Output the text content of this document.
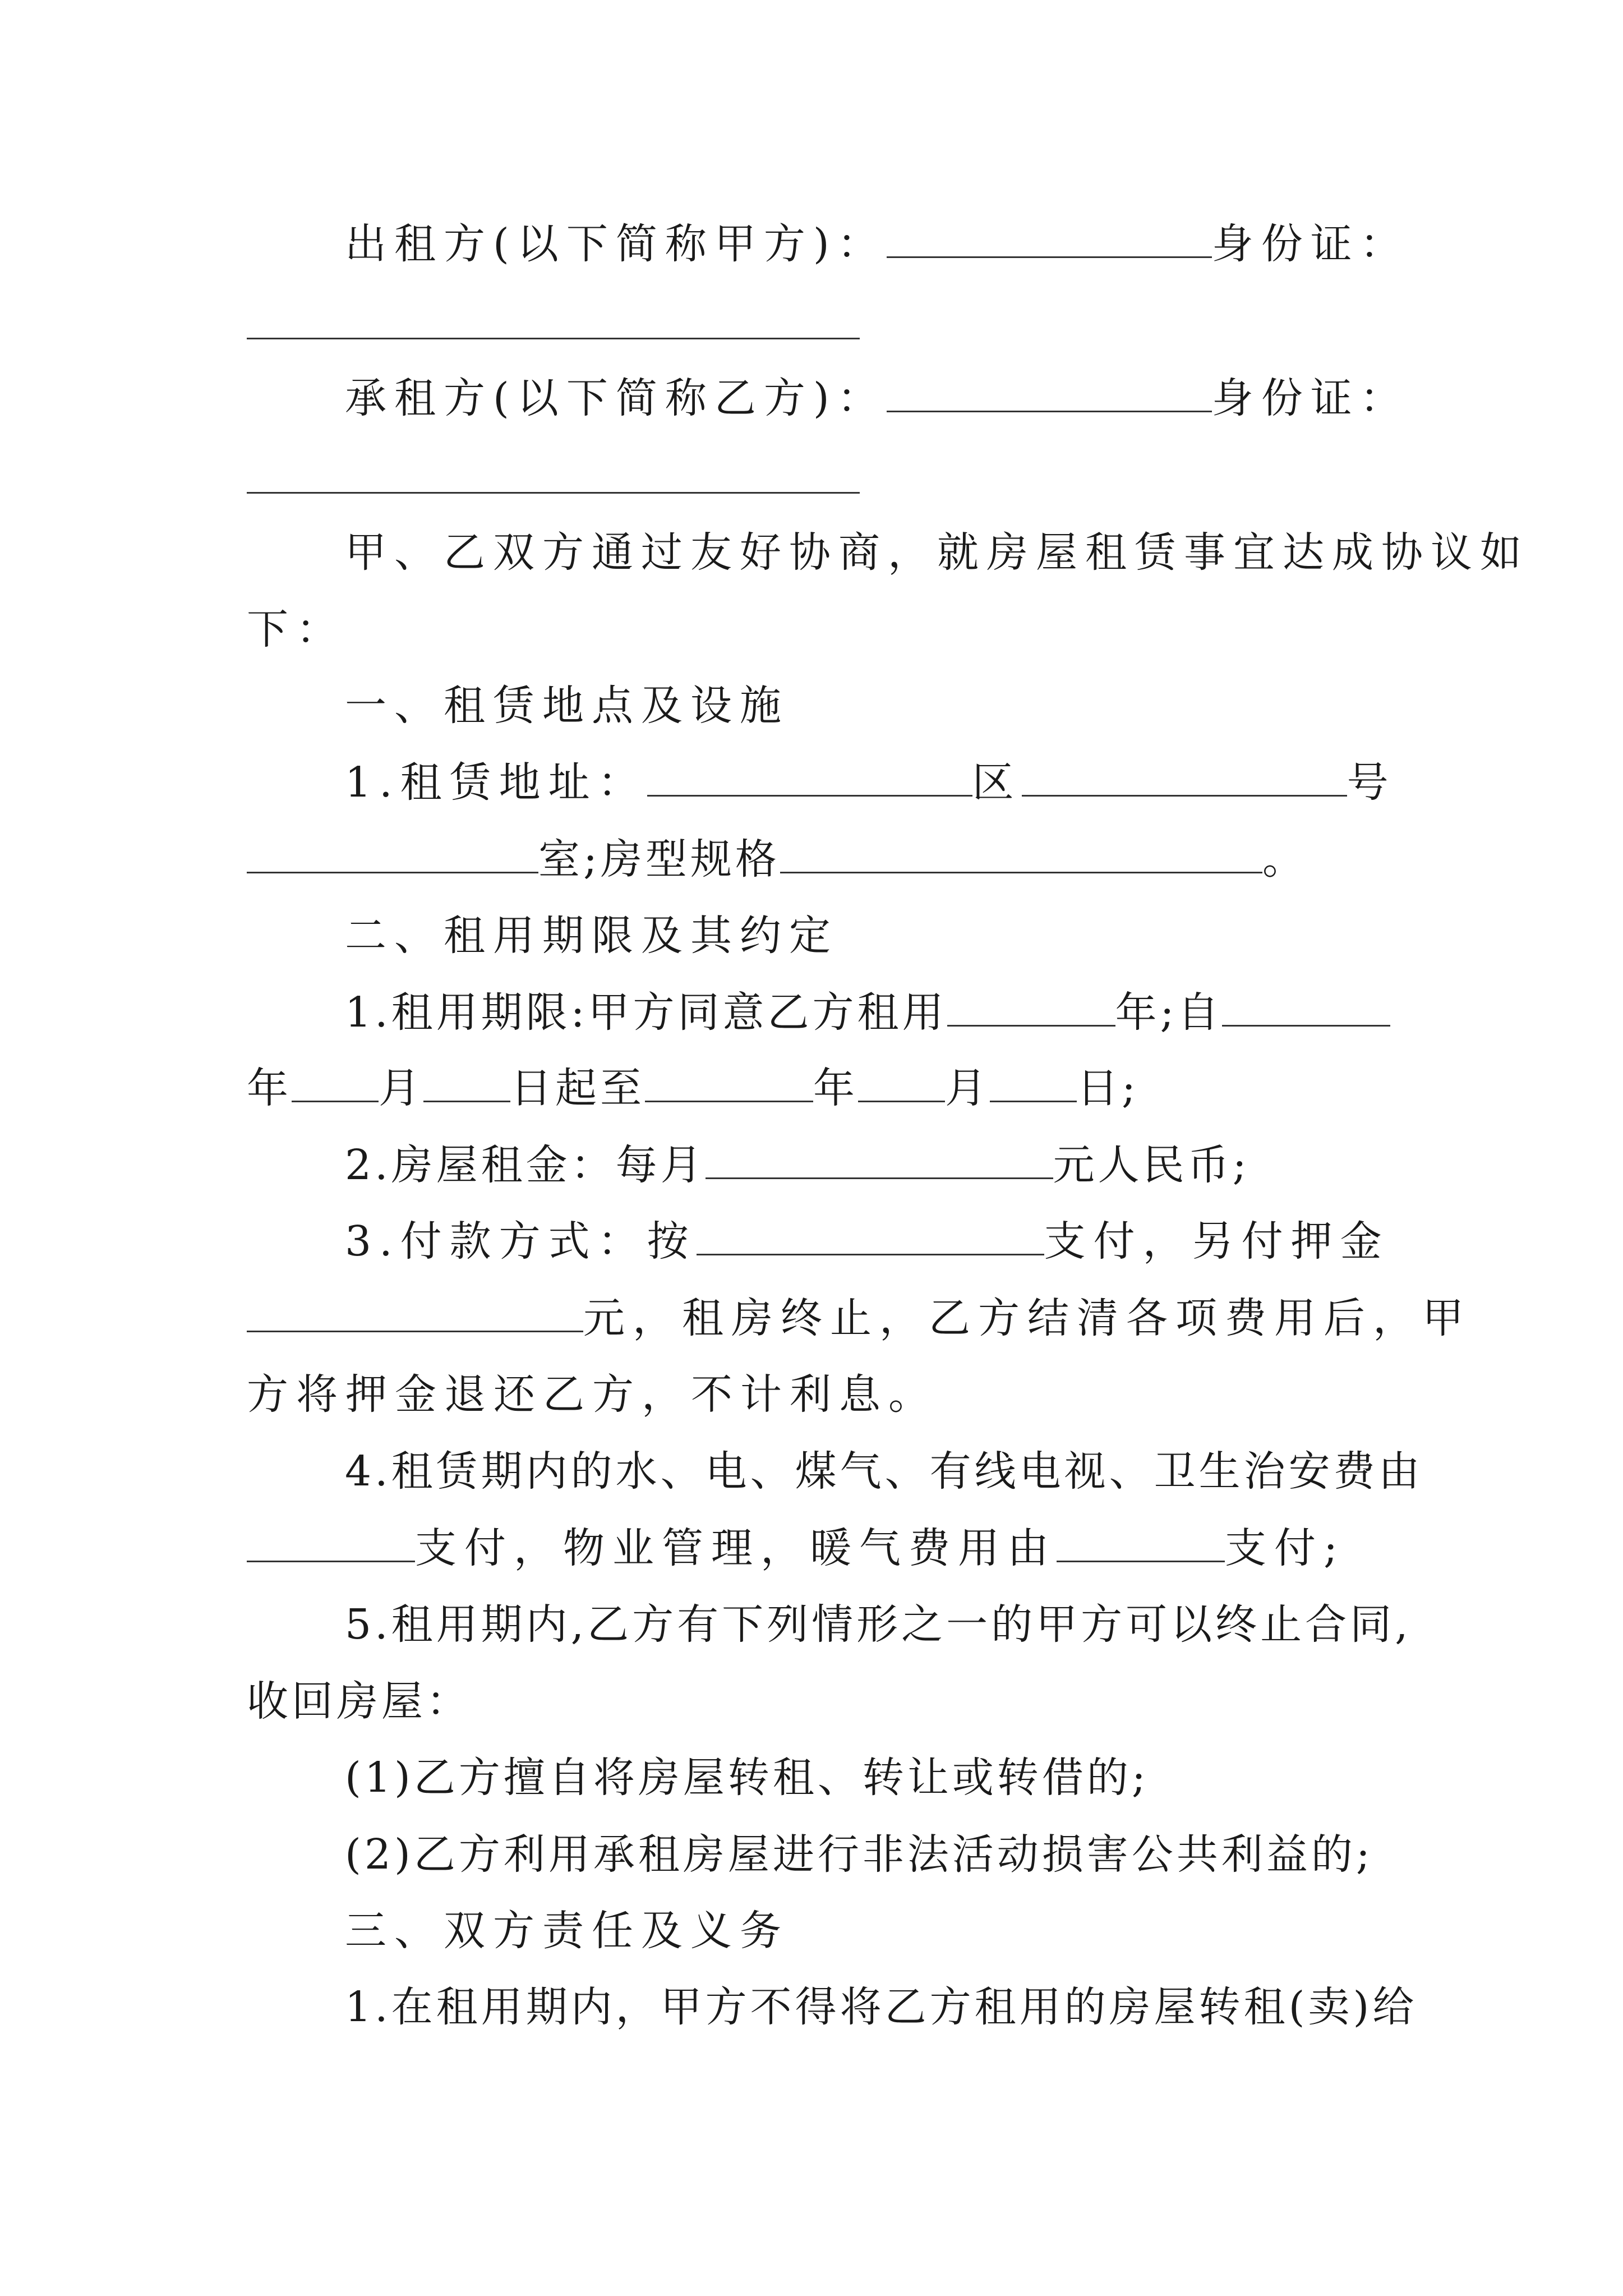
出租方(以下简称甲方)：	身份证：
承租方(以下简称乙方)：	身份证：
甲、乙双方通过友好协商，就房屋租赁事宜达成协议如
下：
一、租赁地点及设施
1.租赁地址：	区	号
室;房型规格	。
二、租用期限及其约定
1.租用期限:甲方同意乙方租用	年;自
年 月 日起至	年 月 日;
2.房屋租金：每月	元人民币;
3.付款方式：按	支付，另付押金
元，租房终止，乙方结清各项费用后，甲
方将押金退还乙方，不计利息。
4.租赁期内的水、电、煤气、有线电视、卫生治安费由
支付，物业管理，暖气费用由	支付;
5.租用期内,乙方有下列情形之一的甲方可以终止合同,
收回房屋：
(1)乙方擅自将房屋转租、转让或转借的;
(2)乙方利用承租房屋进行非法活动损害公共利益的;
三、双方责任及义务
1.在租用期内，甲方不得将乙方租用的房屋转租(卖)给
